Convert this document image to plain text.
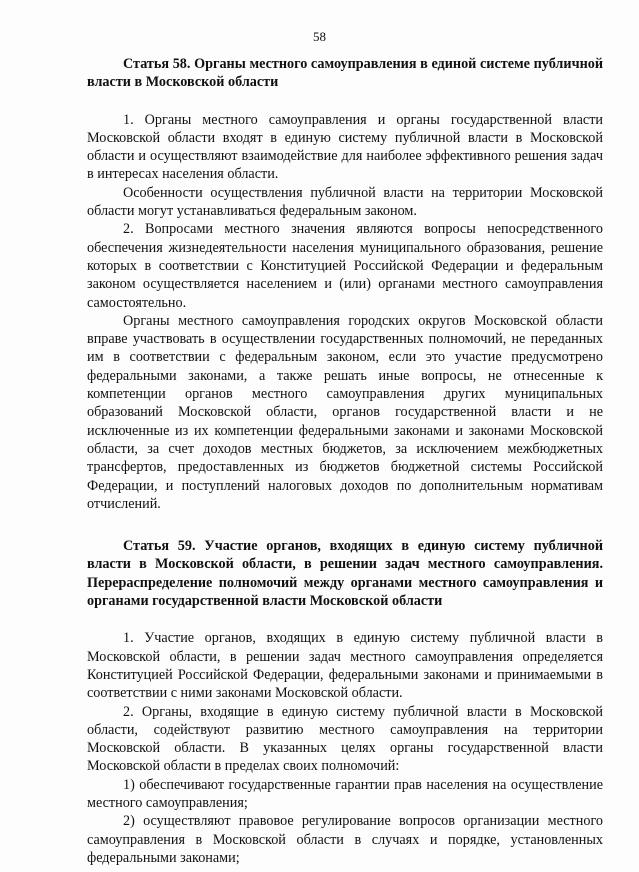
58

Статья 58. Органы местного самоуправления в единой системе публичной власти в Московской области

1. Органы местного самоуправления и органы государственной власти Московской области входят в единую систему публичной власти в Московской области и осуществляют взаимодействие для наиболее эффективного решения задач в интересах населения области.

Особенности осуществления публичной власти на территории Московской области могут устанавливаться федеральным законом.

2. Вопросами местного значения являются вопросы непосредственного обеспечения жизнедеятельности населения муниципального образования, решение которых в соответствии с Конституцией Российской Федерации и федеральным законом осуществляется населением и (или) органами местного самоуправления самостоятельно.

Органы местного самоуправления городских округов Московской области вправе участвовать в осуществлении государственных полномочий, не переданных им в соответствии с федеральным законом, если это участие предусмотрено федеральными законами, а также решать иные вопросы, не отнесенные к компетенции органов местного самоуправления других муниципальных образований Московской области, органов государственной власти и не исключенные из их компетенции федеральными законами и законами Московской области, за счет доходов местных бюджетов, за исключением межбюджетных трансфертов, предоставленных из бюджетов бюджетной системы Российской Федерации, и поступлений налоговых доходов по дополнительным нормативам отчислений.

Статья 59. Участие органов, входящих в единую систему публичной власти в Московской области, в решении задач местного самоуправления. Перераспределение полномочий между органами местного самоуправления и органами государственной власти Московской области

1. Участие органов, входящих в единую систему публичной власти в Московской области, в решении задач местного самоуправления определяется Конституцией Российской Федерации, федеральными законами и принимаемыми в соответствии с ними законами Московской области.

2. Органы, входящие в единую систему публичной власти в Московской области, содействуют развитию местного самоуправления на территории Московской области. В указанных целях органы государственной власти Московской области в пределах своих полномочий:

1) обеспечивают государственные гарантии прав населения на осуществление местного самоуправления;

2) осуществляют правовое регулирование вопросов организации местного самоуправления в Московской области в случаях и порядке, установленных федеральными законами;
